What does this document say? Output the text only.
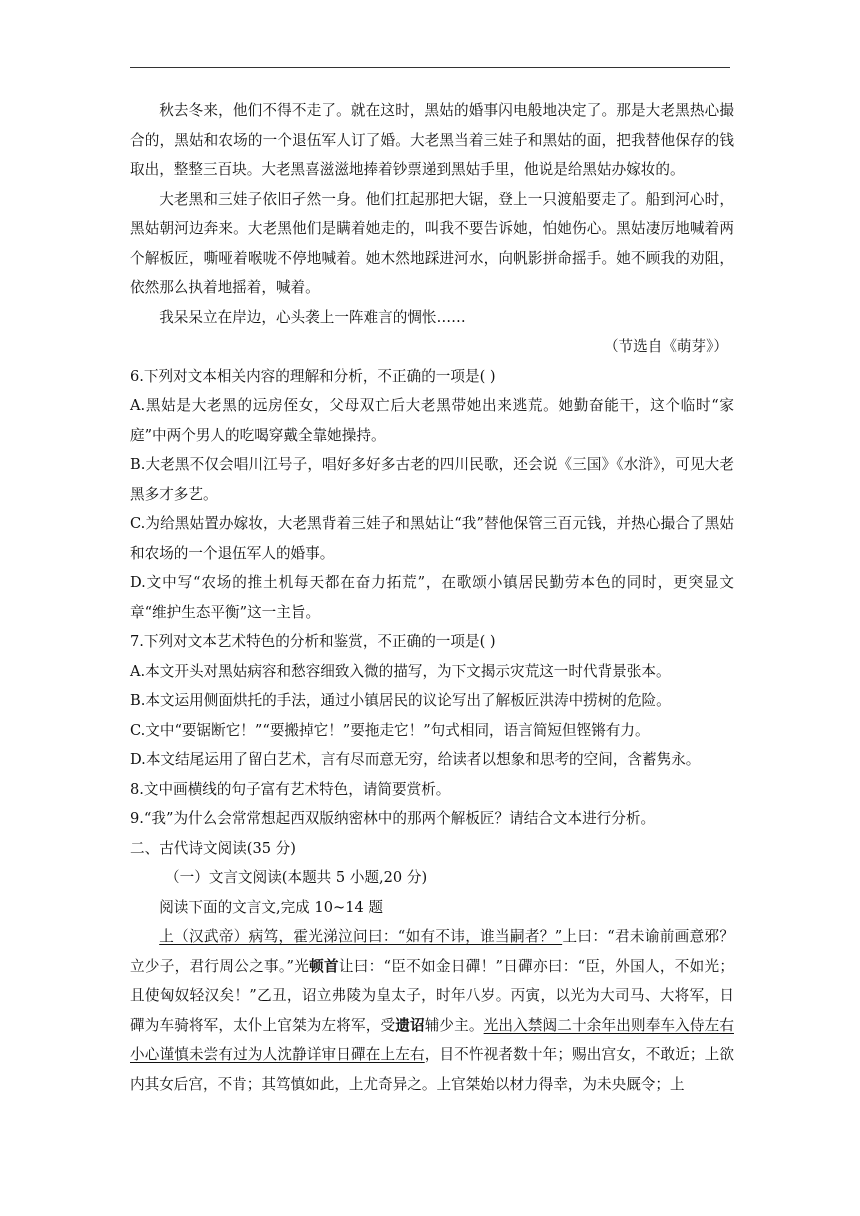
秋去冬来，他们不得不走了。就在这时，黑姑的婚事闪电般地决定了。那是大老黑热心撮合的，黑姑和农场的一个退伍军人订了婚。大老黑当着三娃子和黑姑的面，把我替他保存的钱取出，整整三百块。大老黑喜滋滋地捧着钞票递到黑姑手里，他说是给黑姑办嫁妆的。

大老黑和三娃子依旧孑然一身。他们扛起那把大锯，登上一只渡船要走了。船到河心时，黑姑朝河边奔来。大老黑他们是瞒着她走的，叫我不要告诉她，怕她伤心。黑姑凄厉地喊着两个解板匠，嘶哑着喉咙不停地喊着。她木然地踩进河水，向帆影拼命摇手。她不顾我的劝阻，依然那么执着地摇着，喊着。

我呆呆立在岸边，心头袭上一阵难言的惆怅……

（节选自《萌芽》）

6.下列对文本相关内容的理解和分析，不正确的一项是( )

A.黑姑是大老黑的远房侄女，父母双亡后大老黑带她出来逃荒。她勤奋能干，这个临时“家庭”中两个男人的吃喝穿戴全靠她操持。

B.大老黑不仅会唱川江号子，唱好多好多古老的四川民歌，还会说《三国》《水浒》，可见大老黑多才多艺。

C.为给黑姑置办嫁妆，大老黑背着三娃子和黑姑让“我”替他保管三百元钱，并热心撮合了黑姑和农场的一个退伍军人的婚事。

D.文中写“农场的推土机每天都在奋力拓荒”，在歌颂小镇居民勤劳本色的同时，更突显文章“维护生态平衡”这一主旨。

7.下列对文本艺术特色的分析和鉴赏，不正确的一项是( )

A.本文开头对黑姑病容和愁容细致入微的描写，为下文揭示灾荒这一时代背景张本。

B.本文运用侧面烘托的手法，通过小镇居民的议论写出了解板匠洪涛中捞树的危险。

C.文中“要锯断它！”“要搬掉它！”要拖走它！”句式相同，语言简短但铿锵有力。

D.本文结尾运用了留白艺术，言有尽而意无穷，给读者以想象和思考的空间，含蓄隽永。

8.文中画横线的句子富有艺术特色，请简要赏析。

9.“我”为什么会常常想起西双版纳密林中的那两个解板匠？请结合文本进行分析。

二、古代诗文阅读(35 分)

（一）文言文阅读(本题共 5 小题,20 分)

阅读下面的文言文,完成 10~14 题

上（汉武帝）病笃，霍光涕泣问曰：“如有不讳，谁当嗣者？”上曰：“君未谕前画意邪？立少子，君行周公之事。”光顿首让曰：“臣不如金日磾！”日磾亦曰：“臣，外国人，不如光；且使匈奴轻汉矣！”乙丑，诏立弗陵为皇太子，时年八岁。丙寅，以光为大司马、大将军，日磾为车骑将军，太仆上官桀为左将军，受遗诏辅少主。光出入禁闼二十余年出则奉车入侍左右小心谨慎未尝有过为人沈静详审日磾在上左右，目不忤视者数十年；赐出宫女，不敢近；上欲内其女后宫，不肯；其笃慎如此，上尤奇异之。上官桀始以材力得幸，为未央厩令；上
